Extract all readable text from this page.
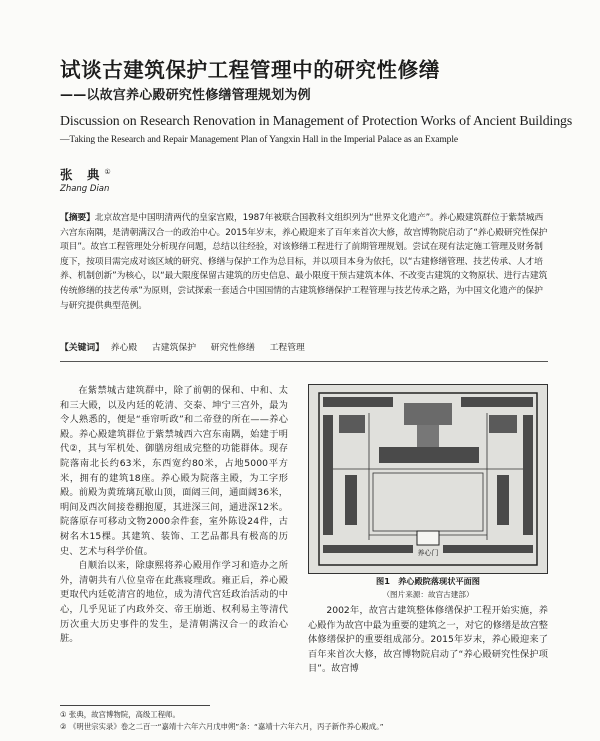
试谈古建筑保护工程管理中的研究性修缮
——以故宫养心殿研究性修缮管理规划为例
Discussion on Research Renovation in Management of Protection Works of Ancient Buildings
—Taking the Research and Repair Management Plan of Yangxin Hall in the Imperial Palace as an Example
张 典①
Zhang Dian
【摘要】北京故宫是中国明清两代的皇家宫殿，1987年被联合国教科文组织列为“世界文化遗产”。养心殿建筑群位于紫禁城西六宫东南隅，是清朝满汉合一的政治中心。2015年岁末，养心殿迎来了百年来首次大修，故宫博物院启动了“养心殿研究性保护项目”。故宫工程管理处分析现存问题，总结以往经验，对该修缮工程进行了前期管理规划。尝试在现有法定施工管理及财务制度下，按项目需完成对该区域的研究、修缮与保护工作为总目标，并以项目本身为依托，以“古建修缮管理、技艺传承、人才培养、机制创新”为核心，以“最大限度保留古建筑的历史信息、最小限度干预古建筑本体、不改变古建筑的文物原状、进行古建筑传统修缮的技艺传承”为原则，尝试探索一套适合中国国情的古建筑修缮保护工程管理与技艺传承之路，为中国文化遗产的保护与研究提供典型范例。
【关键词】 养心殿 古建筑保护 研究性修缮 工程管理

在紫禁城古建筑群中，除了前朝的保和、中和、太和三大殿，以及内廷的乾清、交泰、坤宁三宫外，最为令人熟悉的，便是“垂帘听政”和二帝登的所在——养心殿。养心殿建筑群位于紫禁城西六宫东南隅，始建于明代②，其与军机处、御膳房组成完整的功能群体。现存院落南北长约63米，东西宽约80米，占地5000平方米，拥有的建筑18座。养心殿为院落主殿，为工字形殿。前殿为黄琉璃瓦歇山顶，面阔三间，通面阔36米，明间及西次间接卷棚抱厦，其进深三间，通进深12米。院落原存可移动文物2000余件套，室外陈设24件，古树名木15棵。其建筑、装饰、工艺品都具有极高的历史、艺术与科学价值。

自顺治以来，除康熙将养心殿用作学习和造办之所外，清朝共有八位皇帝在此燕寝理政。雍正后，养心殿更取代内廷乾清宫的地位，成为清代宫廷政治活动的中心，几乎见证了内政外交、帝王崩逝、权利易主等清代历次重大历史事件的发生，是清朝满汉合一的政治心脏。

养心门
图1　养心殿院落现状平面图
（图片来源：故宫古建部）

2002年，故宫古建筑整体修缮保护工程开始实施，养心殿作为故宫中最为重要的建筑之一，对它的修缮是故宫整体修缮保护的重要组成部分。2015年岁末，养心殿迎来了百年来首次大修，故宫博物院启动了“养心殿研究性保护项目”。故宫博

① 张典，故宫博物院，高级工程师。
② 《明世宗实录》卷之二百一“嘉靖十六年六月戊申朔”条：“嘉靖十六年六月，丙子新作养心殿成。”
